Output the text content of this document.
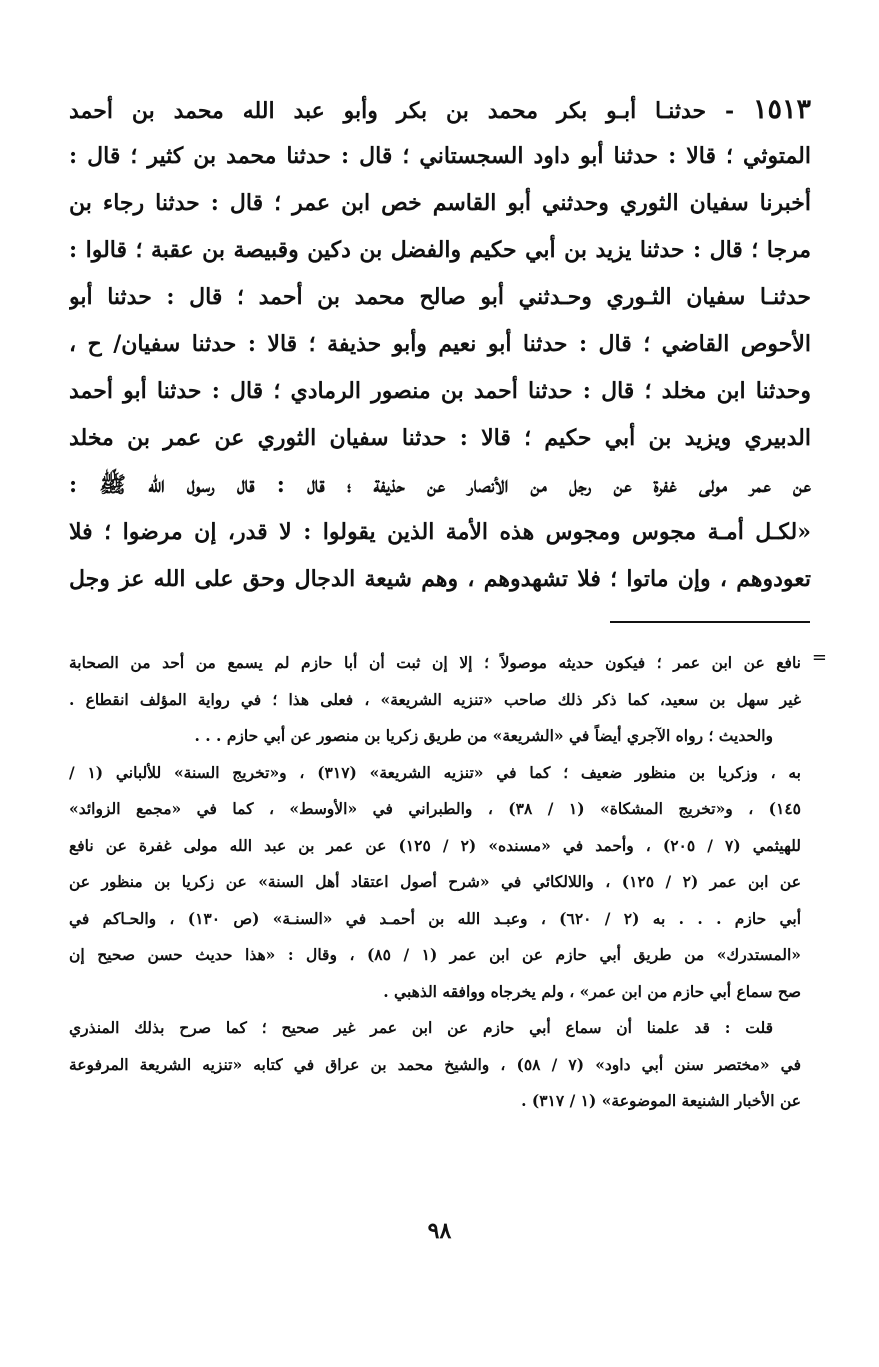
١٥١٣ - حدثنـا أبـو بكر محمد بن بكر وأبو عبد الله محمد بن أحمد
المتوثي ؛ قالا : حدثنا أبو داود السجستاني ؛ قال : حدثنا محمد بن كثير ؛ قال :
أخبرنا سفيان الثوري وحدثني أبو القاسم خص ابن عمر ؛ قال : حدثنا رجاء بن
مرجا ؛ قال : حدثنا يزيد بن أبي حكيم والفضل بن دكين وقبيصة بن عقبة ؛ قالوا :
حدثنـا سفيان الثـوري وحـدثني أبو صالح محمد بن أحمد ؛ قال : حدثنا أبو
الأحوص القاضي ؛ قال : حدثنا أبو نعيم وأبو حذيفة ؛ قالا : حدثنا سفيان/ ح ،
وحدثنا ابن مخلد ؛ قال : حدثنا أحمد بن منصور الرمادي ؛ قال : حدثنا أبو أحمد
الدبيري ويزيد بن أبي حكيم ؛ قالا : حدثنا سفيان الثوري عن عمر بن مخلد
عن عمر مولى غفرة عن رجل من الأنصار عن حذيفة ؛ قال : قال رسول الله ﷺ :
«لكـل أمـة مجوس ومجوس هذه الأمة الذين يقولوا : لا قدر، إن مرضوا ؛ فلا
تعودوهم ، وإن ماتوا ؛ فلا تشهدوهم ، وهم شيعة الدجال وحق على الله عز وجل
=
نافع عن ابن عمر ؛ فيكون حديثه موصولاً ؛ إلا إن ثبت أن أبا حازم لم يسمع من أحد من الصحابة
غير سهل بن سعيد، كما ذكر ذلك صاحب «تنزيه الشريعة» ، فعلى هذا ؛ في رواية المؤلف انقطاع .
والحديث ؛ رواه الآجري أيضاً في «الشريعة» من طريق زكريا بن منصور عن أبي حازم . . .
به ، وزكريا بن منظور ضعيف ؛ كما في «تنزيه الشريعة» (٣١٧) ، و«تخريج السنة» للألباني (١ /
١٤٥) ، و«تخريج المشكاة» (١ / ٣٨) ، والطبراني في «الأوسط» ، كما في «مجمع الزوائد»
للهيثمي (٧ / ٢٠٥) ، وأحمد في «مسنده» (٢ / ١٢٥) عن عمر بن عبد الله مولى غفرة عن نافع
عن ابن عمر (٢ / ١٢٥) ، واللالكائي في «شرح أصول اعتقاد أهل السنة» عن زكريا بن منظور عن
أبي حازم . . . به (٢ / ٦٢٠) ، وعبـد الله بن أحمـد في «السنـة» (ص ١٣٠) ، والحـاكم في
«المستدرك» من طريق أبي حازم عن ابن عمر (١ / ٨٥) ، وقال : «هذا حديث حسن صحيح إن
صح سماع أبي حازم من ابن عمر» ، ولم يخرجاه ووافقه الذهبي .
قلت : قد علمنا أن سماع أبي حازم عن ابن عمر غير صحيح ؛ كما صرح بذلك المنذري
في «مختصر سنن أبي داود» (٧ / ٥٨) ، والشيخ محمد بن عراق في كتابه «تنزيه الشريعة المرفوعة
عن الأخبار الشنيعة الموضوعة» (١ / ٣١٧) .
٩٨
